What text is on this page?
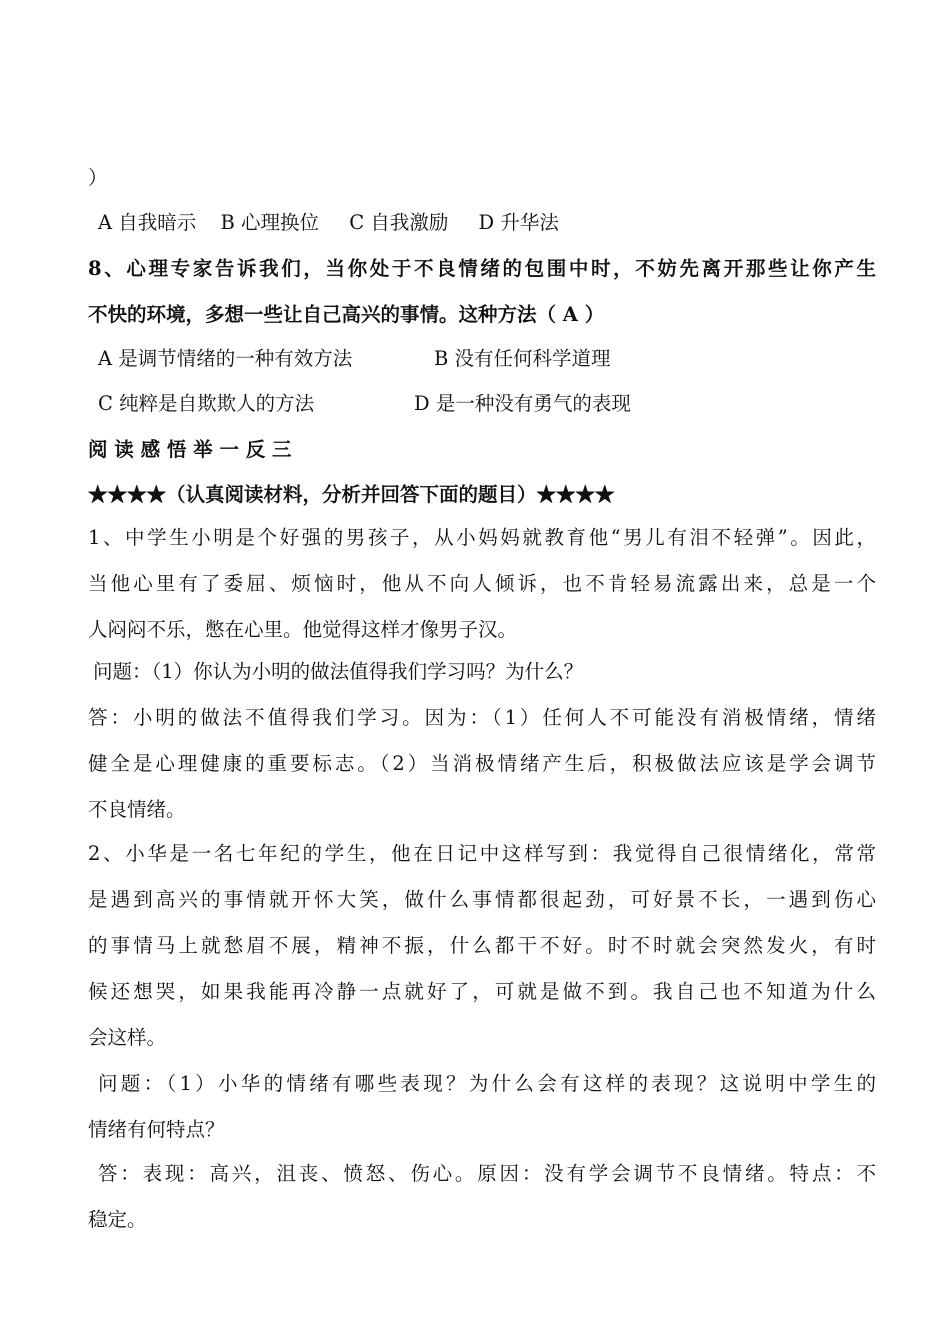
）
A 自我暗示 B 心理换位 C 自我激励 D 升华法
8、心理专家告诉我们，当你处于不良情绪的包围中时，不妨先离开那些让你产生
不快的环境，多想一些让自己高兴的事情。这种方法（ A ）
A 是调节情绪的一种有效方法	B 没有任何科学道理
C 纯粹是自欺欺人的方法	D 是一种没有勇气的表现
阅 读 感 悟 举 一 反 三
★★★★（认真阅读材料，分析并回答下面的题目）★★★★
1、中学生小明是个好强的男孩子，从小妈妈就教育他“男儿有泪不轻弹”。因此，
当他心里有了委屈、烦恼时，他从不向人倾诉，也不肯轻易流露出来，总是一个
人闷闷不乐，憋在心里。他觉得这样才像男子汉。
问题：（1）你认为小明的做法值得我们学习吗？为什么？
答：小明的做法不值得我们学习。因为：（1）任何人不可能没有消极情绪，情绪
健全是心理健康的重要标志。（2）当消极情绪产生后，积极做法应该是学会调节
不良情绪。
2、小华是一名七年纪的学生，他在日记中这样写到：我觉得自己很情绪化，常常
是遇到高兴的事情就开怀大笑，做什么事情都很起劲，可好景不长，一遇到伤心
的事情马上就愁眉不展，精神不振，什么都干不好。时不时就会突然发火，有时
候还想哭，如果我能再冷静一点就好了，可就是做不到。我自己也不知道为什么
会这样。
问题：（1）小华的情绪有哪些表现？为什么会有这样的表现？这说明中学生的
情绪有何特点？
答：表现：高兴，沮丧、愤怒、伤心。原因：没有学会调节不良情绪。特点：不
稳定。
